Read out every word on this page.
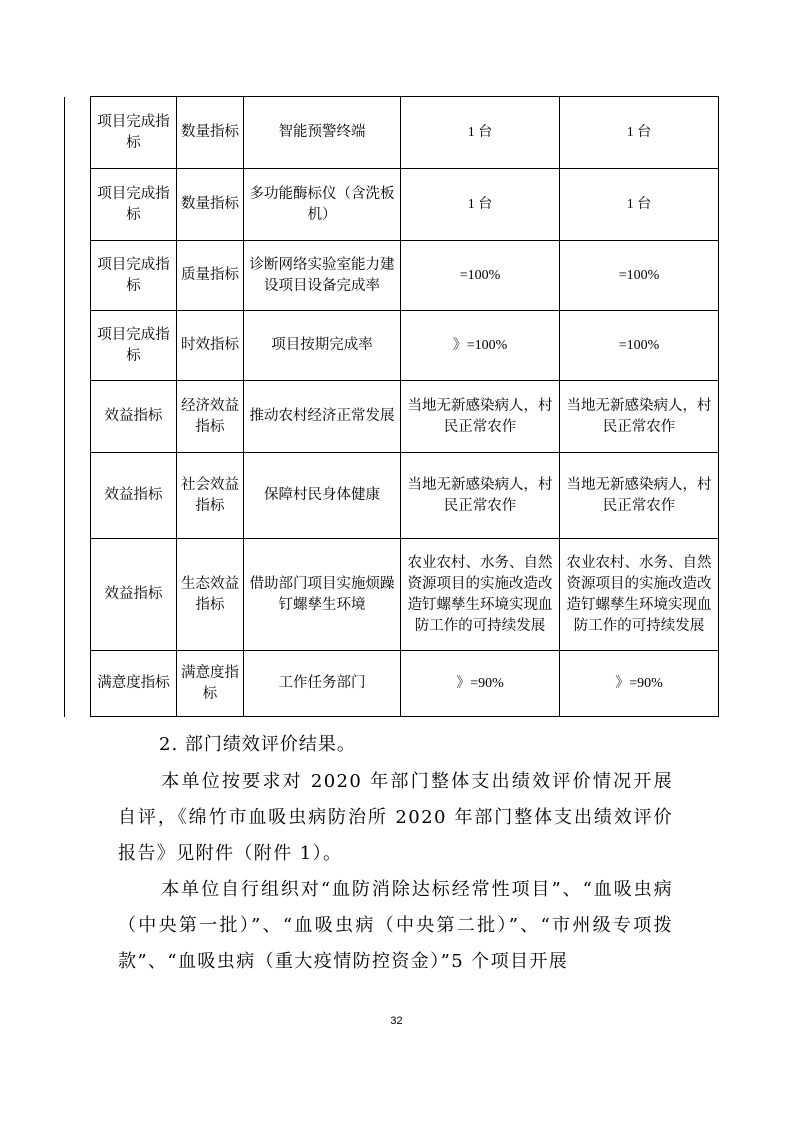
项目完成指标	数量指标	智能预警终端	1 台	1 台
项目完成指标	数量指标	多功能酶标仪（含洗板机）	1 台	1 台
项目完成指标	质量指标	诊断网络实验室能力建设项目设备完成率	=100%	=100%
项目完成指标	时效指标	项目按期完成率	》=100%	=100%
效益指标	经济效益指标	推动农村经济正常发展	当地无新感染病人，村民正常农作	当地无新感染病人，村民正常农作
效益指标	社会效益指标	保障村民身体健康	当地无新感染病人，村民正常农作	当地无新感染病人，村民正常农作
效益指标	生态效益指标	借助部门项目实施烦躁钉螺孳生环境	农业农村、水务、自然资源项目的实施改造改造钉螺孳生环境实现血防工作的可持续发展	农业农村、水务、自然资源项目的实施改造改造钉螺孳生环境实现血防工作的可持续发展
满意度指标	满意度指标	工作任务部门	》=90%	》=90%
2. 部门绩效评价结果。

本单位按要求对 2020 年部门整体支出绩效评价情况开展自评，《绵竹市血吸虫病防治所 2020 年部门整体支出绩效评价报告》见附件（附件 1）。

本单位自行组织对“血防消除达标经常性项目”、“血吸虫病（中央第一批）”、“血吸虫病（中央第二批）”、“市州级专项拨款”、“血吸虫病（重大疫情防控资金）”5 个项目开展

32
